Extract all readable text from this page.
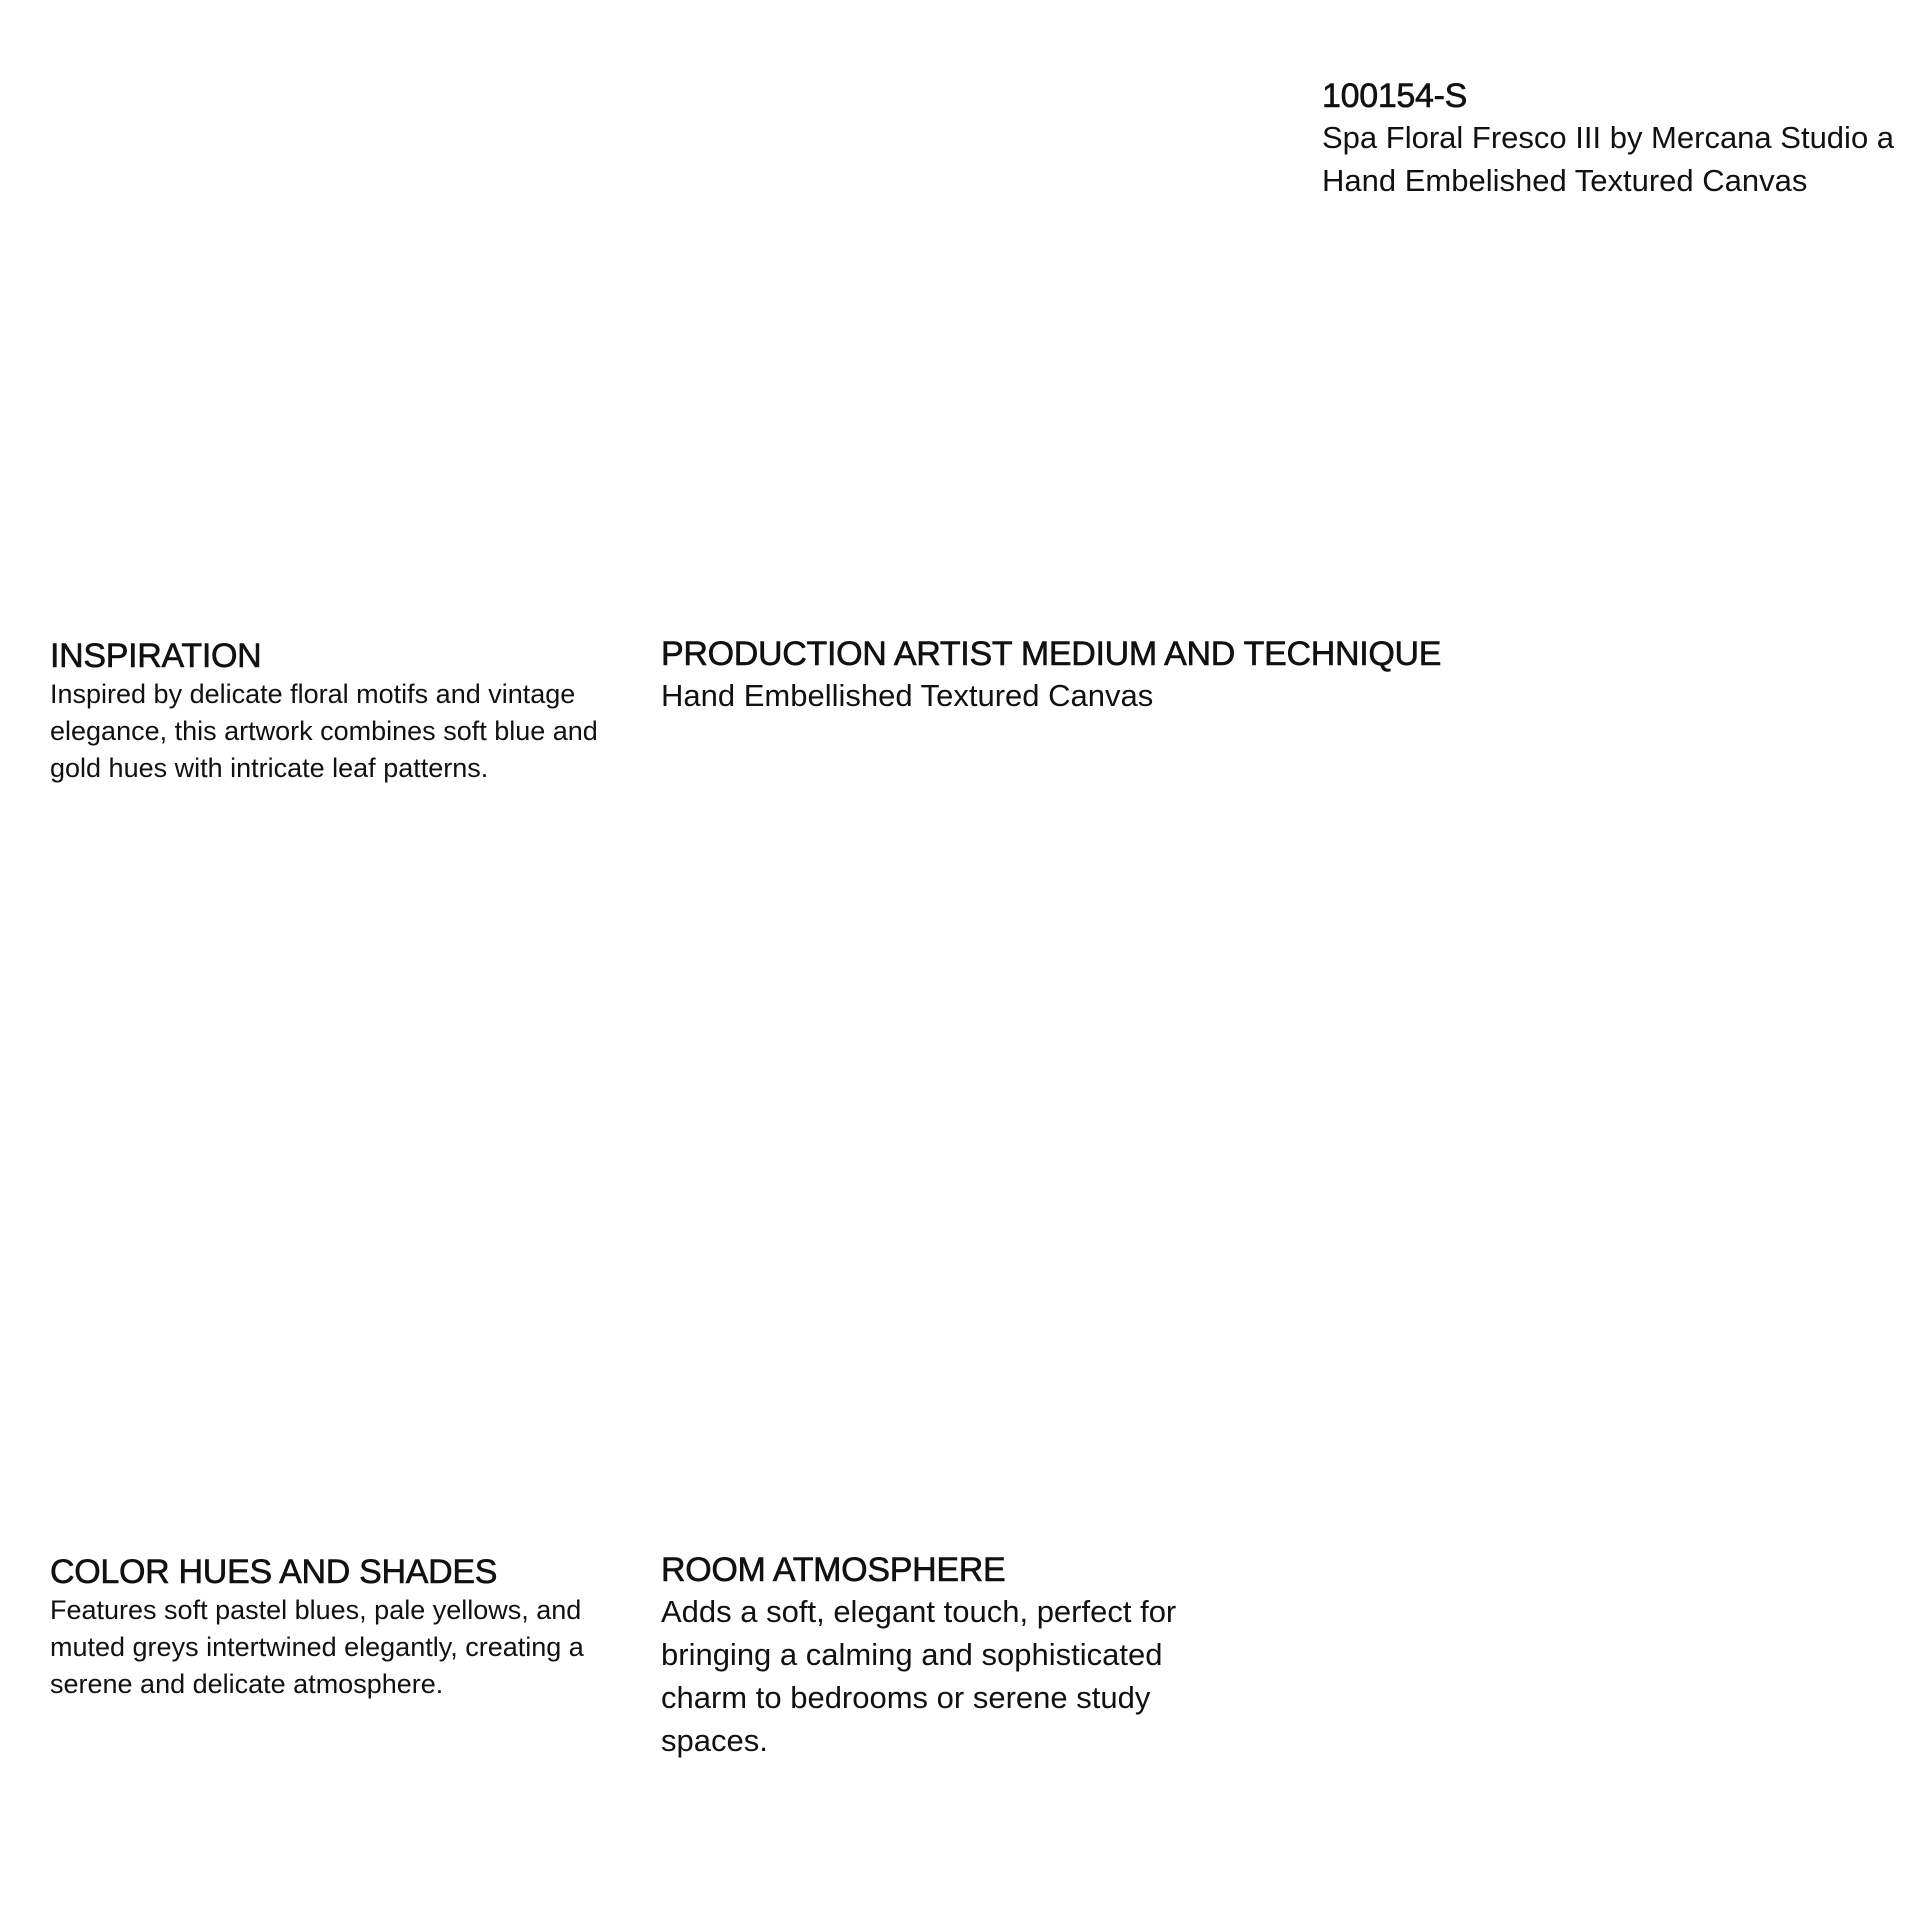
100154-S

Spa Floral Fresco III by Mercana Studio a Hand Embelished Textured Canvas

INSPIRATION

Inspired by delicate floral motifs and vintage elegance, this artwork combines soft blue and gold hues with intricate leaf patterns.

PRODUCTION ARTIST MEDIUM AND TECHNIQUE

Hand Embellished Textured Canvas

COLOR HUES AND SHADES

Features soft pastel blues, pale yellows, and muted greys intertwined elegantly, creating a serene and delicate atmosphere.

ROOM ATMOSPHERE

Adds a soft, elegant touch, perfect for bringing a calming and sophisticated charm to bedrooms or serene study spaces.
